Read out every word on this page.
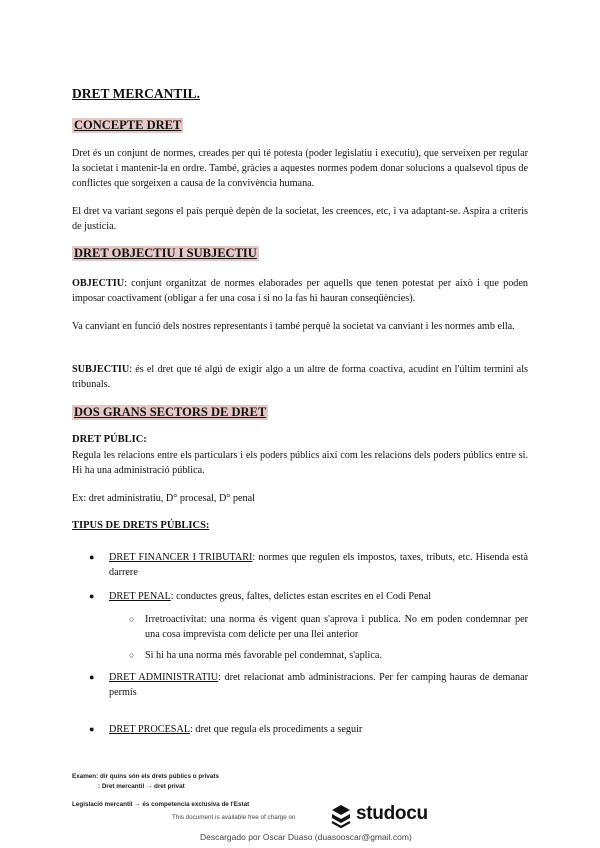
DRET MERCANTIL.
CONCEPTE DRET
Dret és un conjunt de normes, creades per qui té potesta (poder legislatiu i executiu), que serveixen per regular la societat i mantenir-la en ordre. També, gràcies a aquestes normes podem donar solucions a qualsevol tipus de conflictes que sorgeixen a causa de la convivència humana.
El dret va variant segons el país perquè depèn de la societat, les creences, etc, i va adaptant-se. Aspira a criteris de justícia.
DRET OBJECTIU I SUBJECTIU
OBJECTIU: conjunt organitzat de normes elaborades per aquells que tenen potestat per això i que poden imposar coactivament (obligar a fer una cosa i si no la fas hi hauran conseqüències).
Va canviant en funció dels nostres representants i també perquè la societat va canviant i les normes amb ella.
SUBJECTIU: és el dret que té algú de exigir algo a un altre de forma coactiva, acudint en l'últim termini als tribunals.
DOS GRANS SECTORS DE DRET
DRET PÚBLIC:
Regula les relacions entre els particulars i els poders públics així com les relacions dels poders públics entre si. Hi ha una administració pública.
Ex: dret administratiu, D° procesal, D° penal
TIPUS DE DRETS PÚBLICS:
● DRET FINANCER I TRIBUTARI: normes que regulen els impostos, taxes, tributs, etc. Hisenda està darrere
● DRET PENAL: conductes greus, faltes, delictes estan escrites en el Codi Penal
○ Irretroactivitat: una norma és vigent quan s'aprova i publica. No em poden condemnar per una cosa imprevista com delicte per una llei anterior
○ Si hi ha una norma més favorable pel condemnat, s'aplica.
● DRET ADMINISTRATIU: dret relacionat amb administracions. Per fer camping hauras de demanar permís
● DRET PROCESAL: dret que regula els procediments a seguir
Examen: dir quins són els drets públics o privats
: Dret mercantil → dret privat
Legislació mercantil → és competencia exclusiva de l'Estat
This document is available free of charge on	studocu
Descargado por Oscar Duaso (duasooscar@gmail.com)
